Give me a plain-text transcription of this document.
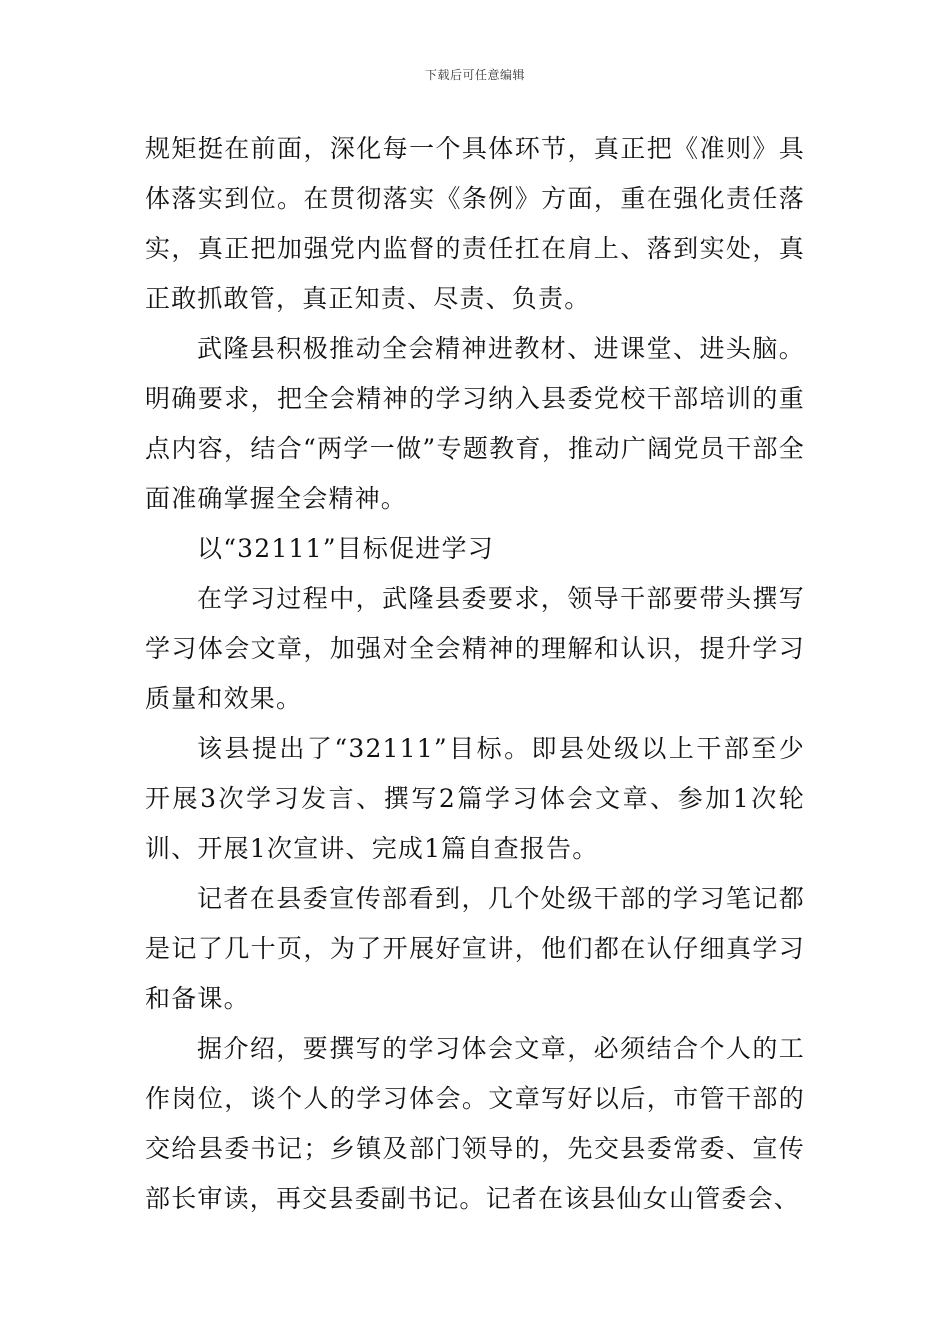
下载后可任意编辑

规矩挺在前面，深化每一个具体环节，真正把《准则》具体落实到位。在贯彻落实《条例》方面，重在强化责任落实，真正把加强党内监督的责任扛在肩上、落到实处，真正敢抓敢管，真正知责、尽责、负责。

武隆县积极推动全会精神进教材、进课堂、进头脑。明确要求，把全会精神的学习纳入县委党校干部培训的重点内容，结合“两学一做”专题教育，推动广阔党员干部全面准确掌握全会精神。

以“32111”目标促进学习

在学习过程中，武隆县委要求，领导干部要带头撰写学习体会文章，加强对全会精神的理解和认识，提升学习质量和效果。

该县提出了“32111”目标。即县处级以上干部至少开展3次学习发言、撰写2篇学习体会文章、参加1次轮训、开展1次宣讲、完成1篇自查报告。

记者在县委宣传部看到，几个处级干部的学习笔记都是记了几十页，为了开展好宣讲，他们都在认仔细真学习和备课。

据介绍，要撰写的学习体会文章，必须结合个人的工作岗位，谈个人的学习体会。文章写好以后，市管干部的交给县委书记；乡镇及部门领导的，先交县委常委、宣传部长审读，再交县委副书记。记者在该县仙女山管委会、
